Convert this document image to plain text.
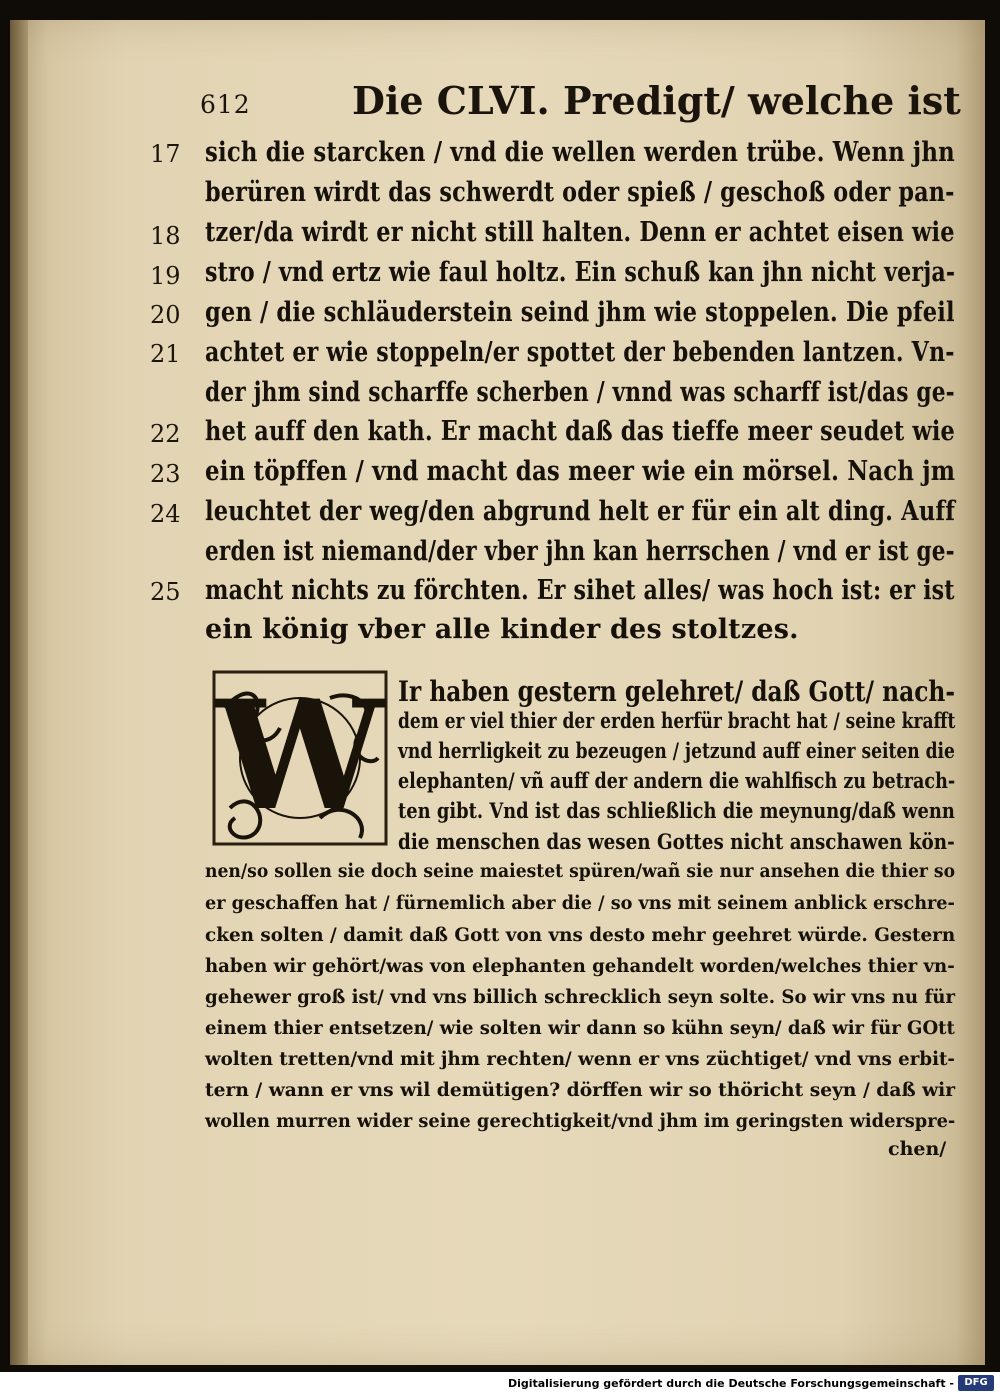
612	Die CLVI. Predigt/ welche ist
17
18
19
20
21
22
23
24
25
sich die starcken / vnd die wellen werden trübe. Wenn jhn
berüren wirdt das schwerdt oder spieß / geschoß oder pan-
tzer/da wirdt er nicht still halten. Denn er achtet eisen wie
stro / vnd ertz wie faul holtz. Ein schuß kan jhn nicht verja-
gen / die schläuderstein seind jhm wie stoppelen. Die pfeil
achtet er wie stoppeln/er spottet der bebenden lantzen. Vn-
der jhm sind scharffe scherben / vnnd was scharff ist/das ge-
het auff den kath. Er macht daß das tieffe meer seudet wie
ein töpffen / vnd macht das meer wie ein mörsel. Nach jm
leuchtet der weg/den abgrund helt er für ein alt ding. Auff
erden ist niemand/der vber jhn kan herrschen / vnd er ist ge-
macht nichts zu förchten. Er sihet alles/ was hoch ist: er ist
ein könig vber alle kinder des stoltzes.
W Ir haben gestern gelehret/ daß Gott/ nach-
dem er viel thier der erden herfür bracht hat / seine krafft
vnd herrligkeit zu bezeugen / jetzund auff einer seiten die
elephanten/ vñ auff der andern die wahlfisch zu betrach-
ten gibt. Vnd ist das schließlich die meynung/daß wenn
die menschen das wesen Gottes nicht anschawen kön-
nen/so sollen sie doch seine maiestet spüren/wañ sie nur ansehen die thier so
er geschaffen hat / fürnemlich aber die / so vns mit seinem anblick erschre-
cken solten / damit daß Gott von vns desto mehr geehret würde. Gestern
haben wir gehört/was von elephanten gehandelt worden/welches thier vn-
gehewer groß ist/ vnd vns billich schrecklich seyn solte. So wir vns nu für
einem thier entsetzen/ wie solten wir dann so kühn seyn/ daß wir für GOtt
wolten tretten/vnd mit jhm rechten/ wenn er vns züchtiget/ vnd vns erbit-
tern / wann er vns wil demütigen? dörffen wir so thöricht seyn / daß wir
wollen murren wider seine gerechtigkeit/vnd jhm im geringsten widerspre-
chen/
Digitalisierung gefördert durch die Deutsche Forschungsgemeinschaft -	DFG
